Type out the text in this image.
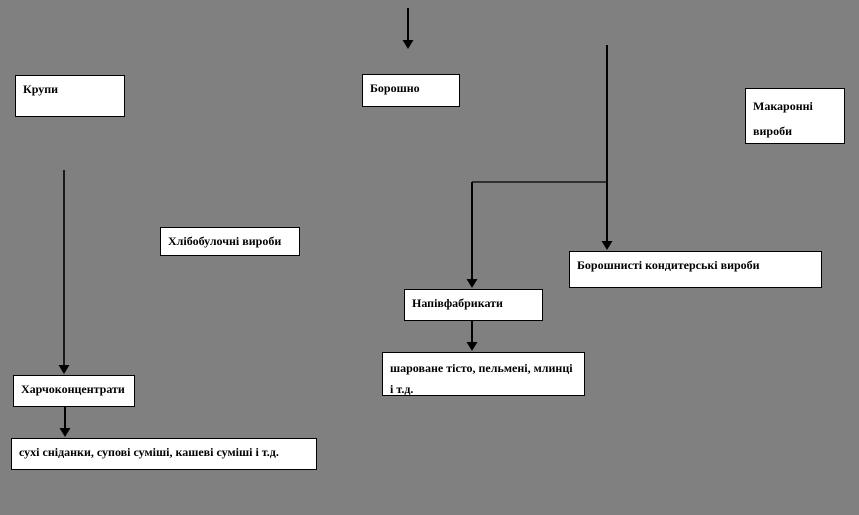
Крупи	Борошно
Макаронні вироби
Хлібобулочні вироби
Борошнисті кондитерські вироби
Напівфабрикати
шароване тісто, пельмені, млинці і т.д.
Харчоконцентрати
сухі сніданки, супові суміші, кашеві суміші і т.д.
